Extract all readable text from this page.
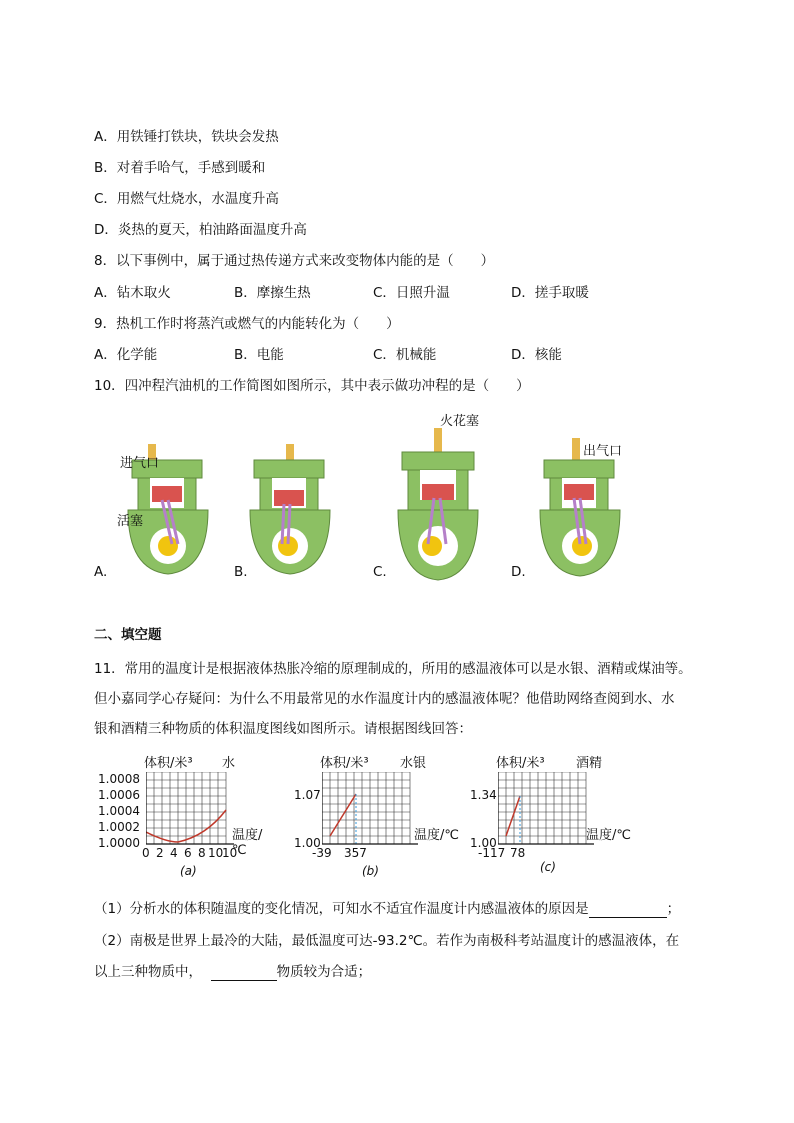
A．用铁锤打铁块，铁块会发热
B．对着手哈气，手感到暖和
C．用燃气灶烧水，水温度升高
D．炎热的夏天，柏油路面温度升高
8．以下事例中，属于通过热传递方式来改变物体内能的是（　　）
A．钻木取火	B．摩擦生热	C．日照升温	D．搓手取暖
9．热机工作时将蒸汽或燃气的内能转化为（　　）
A．化学能	B．电能	C．机械能	D．核能
10．四冲程汽油机的工作简图如图所示，其中表示做功冲程的是（　　）
进气口
活塞
A.	B.
火花塞
C.
出气口
D.
二、填空题
11．常用的温度计是根据液体热胀冷缩的原理制成的，所用的感温液体可以是水银、酒精或煤油等。
但小嘉同学心存疑问：为什么不用最常见的水作温度计内的感温液体呢？他借助网络查阅到水、水
银和酒精三种物质的体积温度图线如图所示。请根据图线回答：
体积/米³ 水
1.0008
1.0006
1.0004
1.0002
1.0000	温度/℃
0 2 4 6 8 10
10
(a)
体积/米³ 水银
1.07
1.00	温度/℃
-39 357
(b)
体积/米³ 酒精
1.34
1.00	温度/℃
-117 78
(c)
（1）分析水的体积随温度的变化情况，可知水不适宜作温度计内感温液体的原因是	；
（2）南极是世界上最冷的大陆，最低温度可达-93.2℃。若作为南极科考站温度计的感温液体，在
以上三种物质中，	物质较为合适；
